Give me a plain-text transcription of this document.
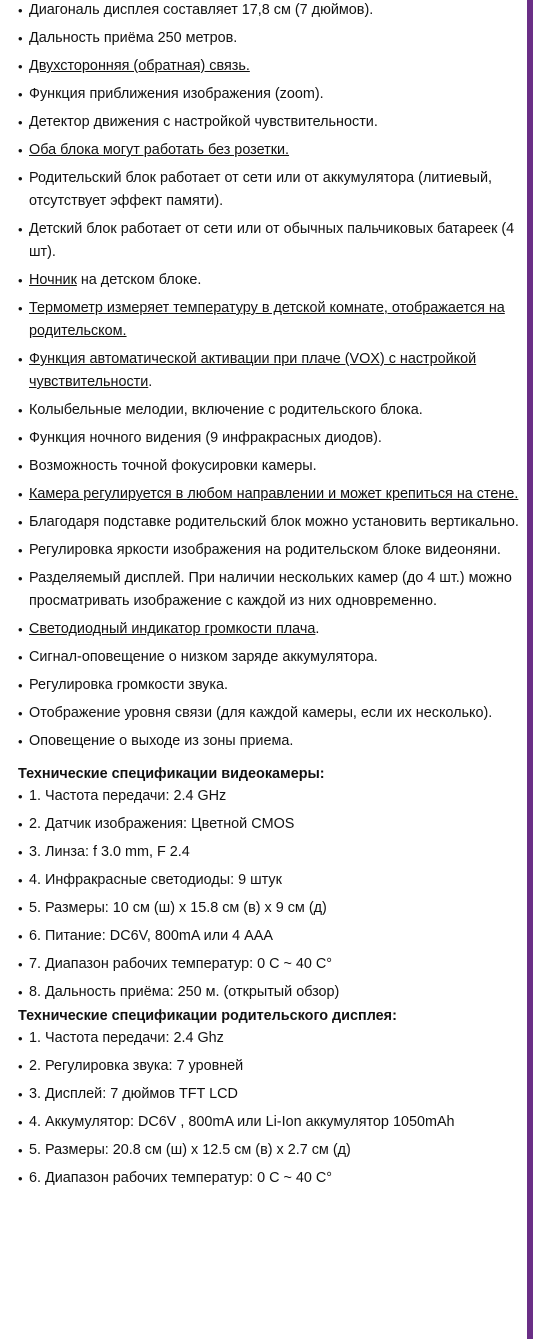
• Диагональ дисплея составляет 17,8 см (7 дюймов).
• Дальность приёма 250 метров.
• Двухсторонняя (обратная) связь.
• Функция приближения изображения (zoom).
• Детектор движения с настройкой чувствительности.
• Оба блока могут работать без розетки.
• Родительский блок работает от сети или от аккумулятора (литиевый, отсутствует эффект памяти).
• Детский блок работает от сети или от обычных пальчиковых батареек (4 шт).
• Ночник на детском блоке.
• Термометр измеряет температуру в детской комнате, отображается на родительском.
• Функция автоматической активации при плаче (VOX) с настройкой чувствительности.
• Колыбельные мелодии, включение с родительского блока.
• Функция ночного видения (9 инфракрасных диодов).
• Возможность точной фокусировки камеры.
• Камера регулируется в любом направлении и может крепиться на стене.
• Благодаря подставке родительский блок можно установить вертикально.
• Регулировка яркости изображения на родительском блоке видеоняни.
• Разделяемый дисплей. При наличии нескольких камер (до 4 шт.) можно просматривать изображение с каждой из них одновременно.
• Светодиодный индикатор громкости плача.
• Сигнал-оповещение о низком заряде аккумулятора.
• Регулировка громкости звука.
• Отображение уровня связи (для каждой камеры, если их несколько).
• Оповещение о выходе из зоны приема.

Технические спецификации видеокамеры:

• 1. Частота передачи: 2.4 GHz
• 2. Датчик изображения: Цветной CMOS
• 3. Линза: f 3.0 mm, F 2.4
• 4. Инфракрасные светодиоды: 9 штук
• 5. Размеры: 10 см (ш) x 15.8 см (в) x 9 см (д)
• 6. Питание: DC6V, 800mA или 4 AAA
• 7. Диапазон рабочих температур: 0 C ~ 40 C°
• 8. Дальность приёма: 250 м. (открытый обзор)

Технические спецификации родительского дисплея:

• 1. Частота передачи: 2.4 Ghz
• 2. Регулировка звука: 7 уровней
• 3. Дисплей: 7 дюймов TFT LCD
• 4. Аккумулятор: DC6V , 800mA или Li-Ion аккумулятор 1050mAh
• 5. Размеры: 20.8 см (ш) x 12.5 см (в) x 2.7 см (д)
• 6. Диапазон рабочих температур: 0 C ~ 40 C°
